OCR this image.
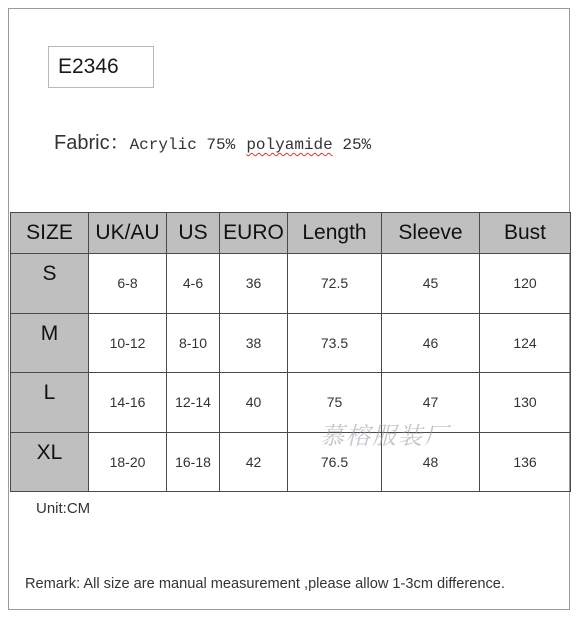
E2346
Fabric：Acrylic 75% polyamide 25%
SIZE	UK/AU	US	EURO	Length	Sleeve	Bust
S	6-8	4-6	36	72.5	45	120
M	10-12	8-10	38	73.5	46	124
L	14-16	12-14	40	75	47	130
XL	18-20	16-18	42	76.5	48	136
慕榕服装厂
Unit:CM
Remark: All size are manual measurement ,please allow 1-3cm difference.
